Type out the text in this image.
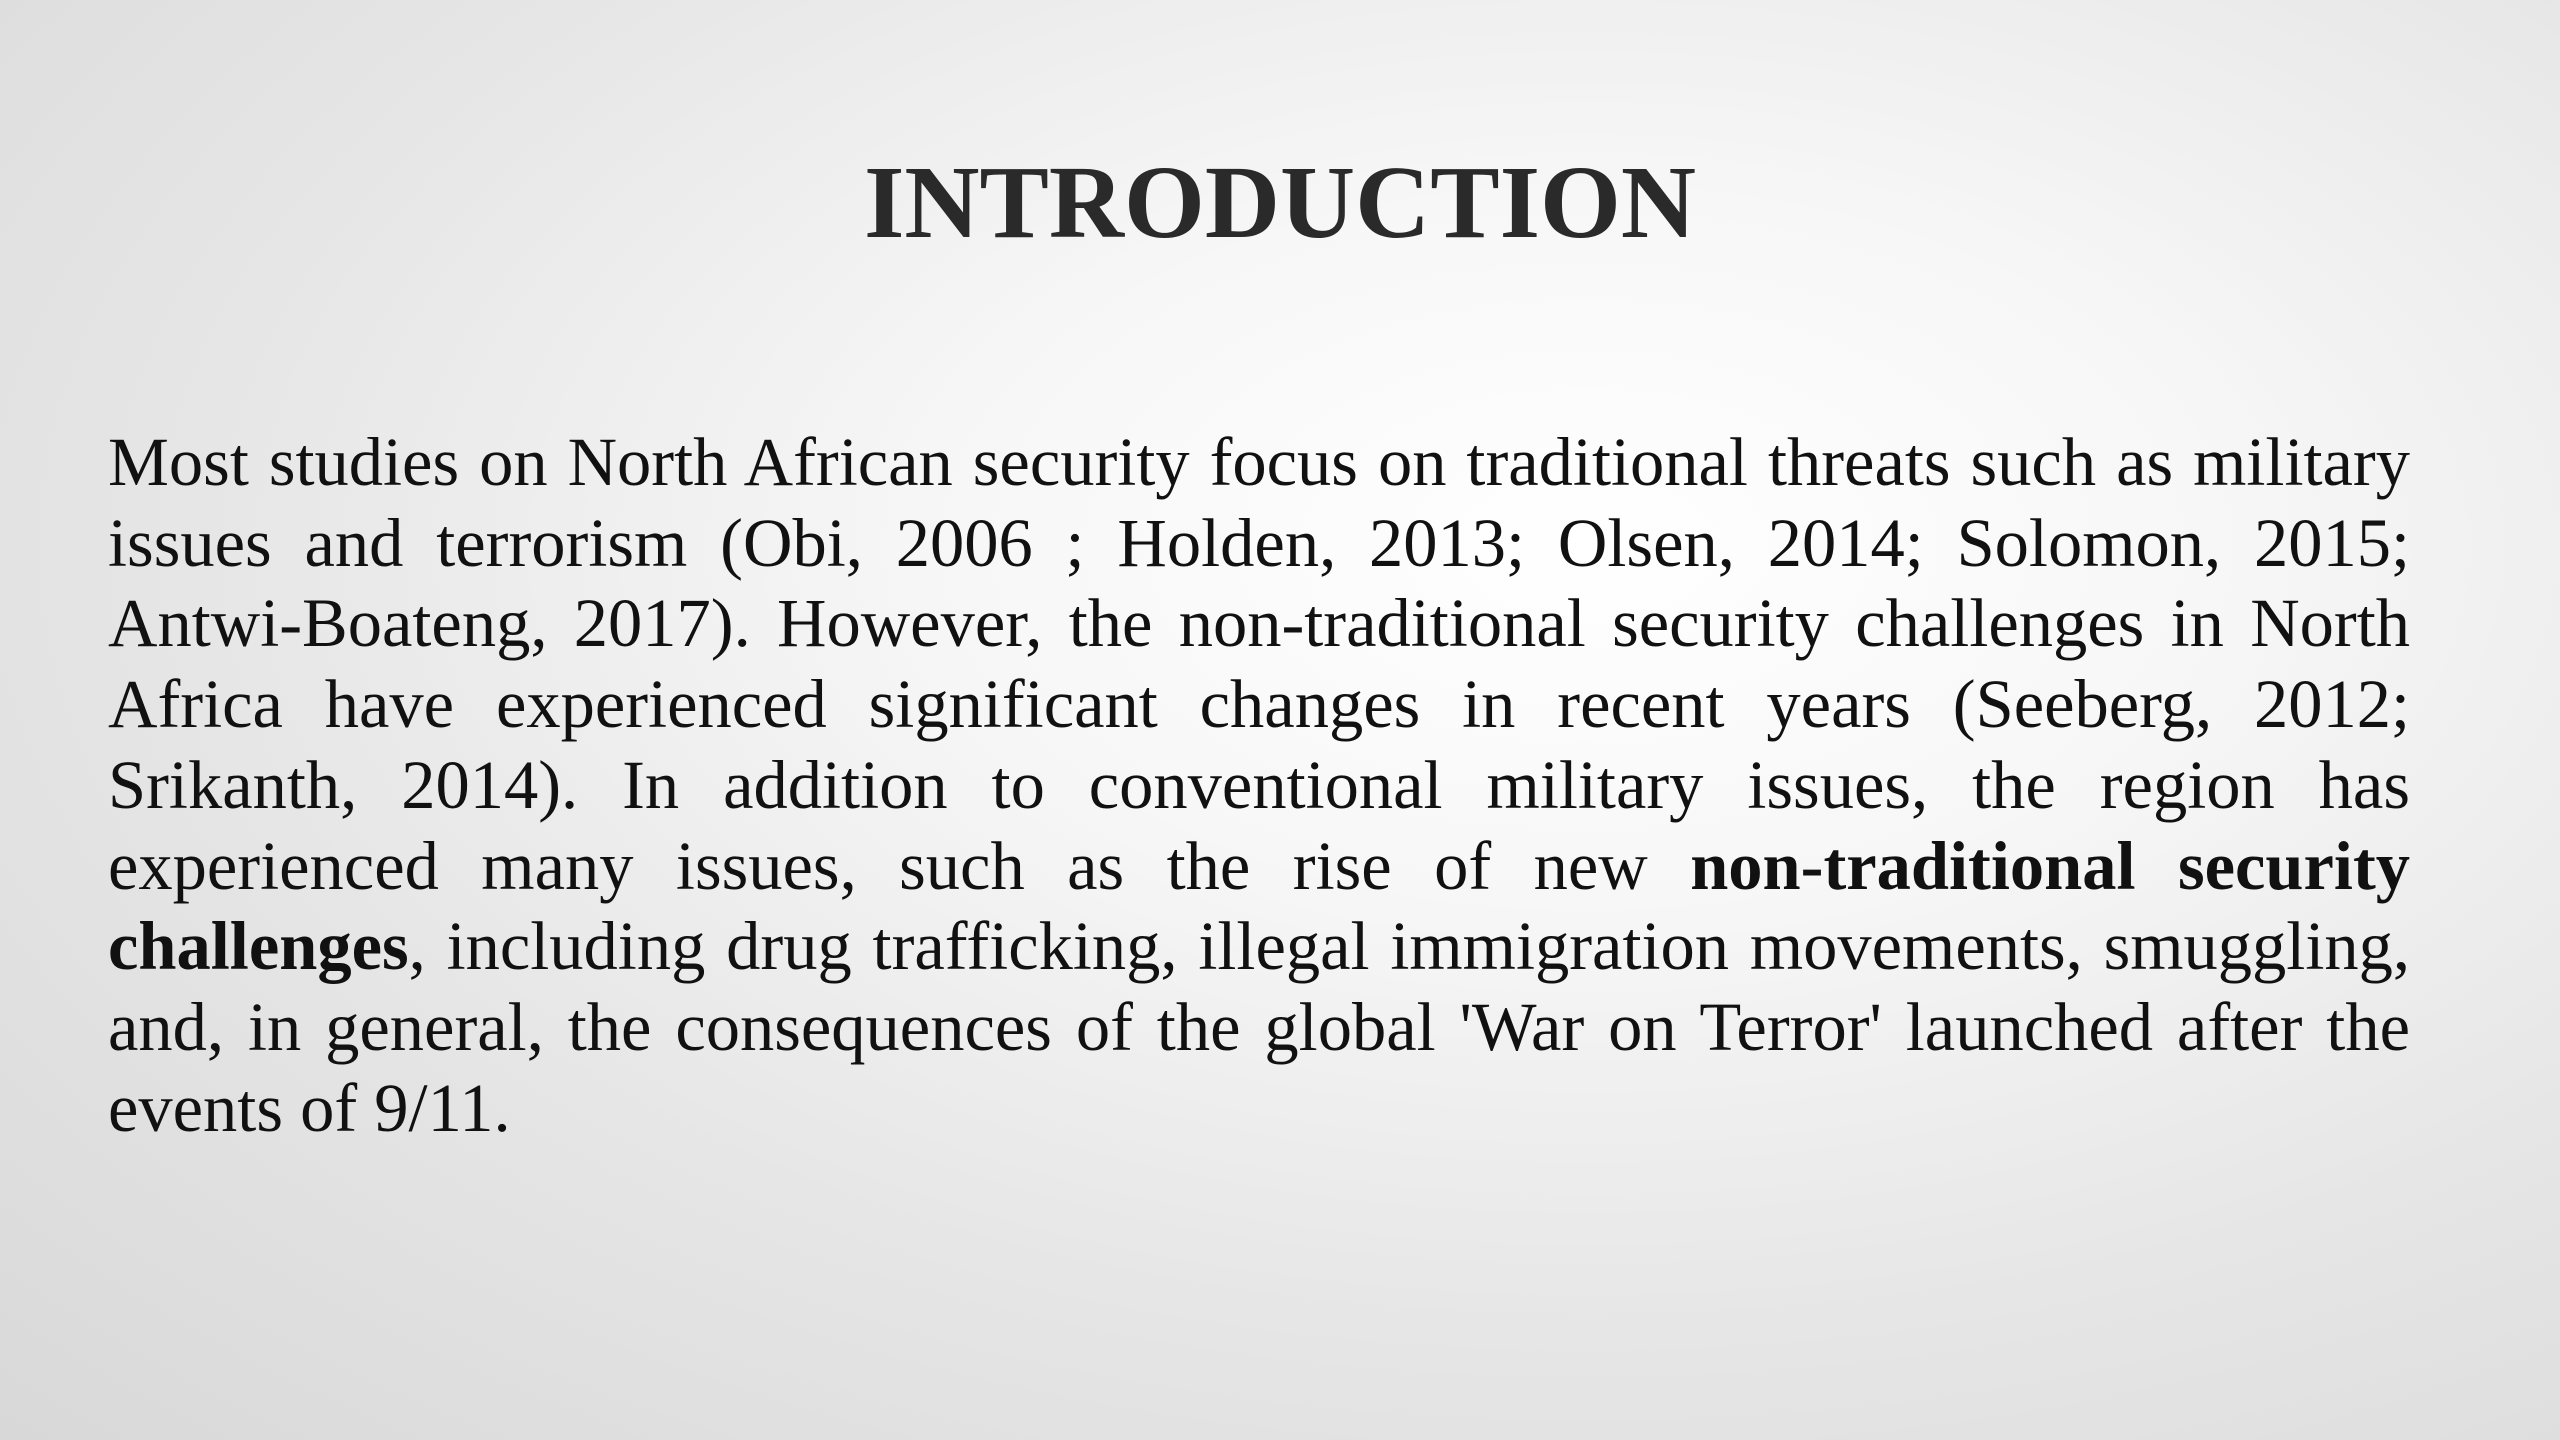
INTRODUCTION

Most studies on North African security focus on traditional threats such as military issues and terrorism (Obi, 2006 ; Holden, 2013; Olsen, 2014; Solomon, 2015; Antwi-Boateng, 2017). However, the non-traditional security challenges in North Africa have experienced significant changes in recent years (Seeberg, 2012; Srikanth, 2014). In addition to conventional military issues, the region has experienced many issues, such as the rise of new non-traditional security challenges, including drug trafficking, illegal immigration movements, smuggling, and, in general, the consequences of the global 'War on Terror' launched after the events of 9/11.
